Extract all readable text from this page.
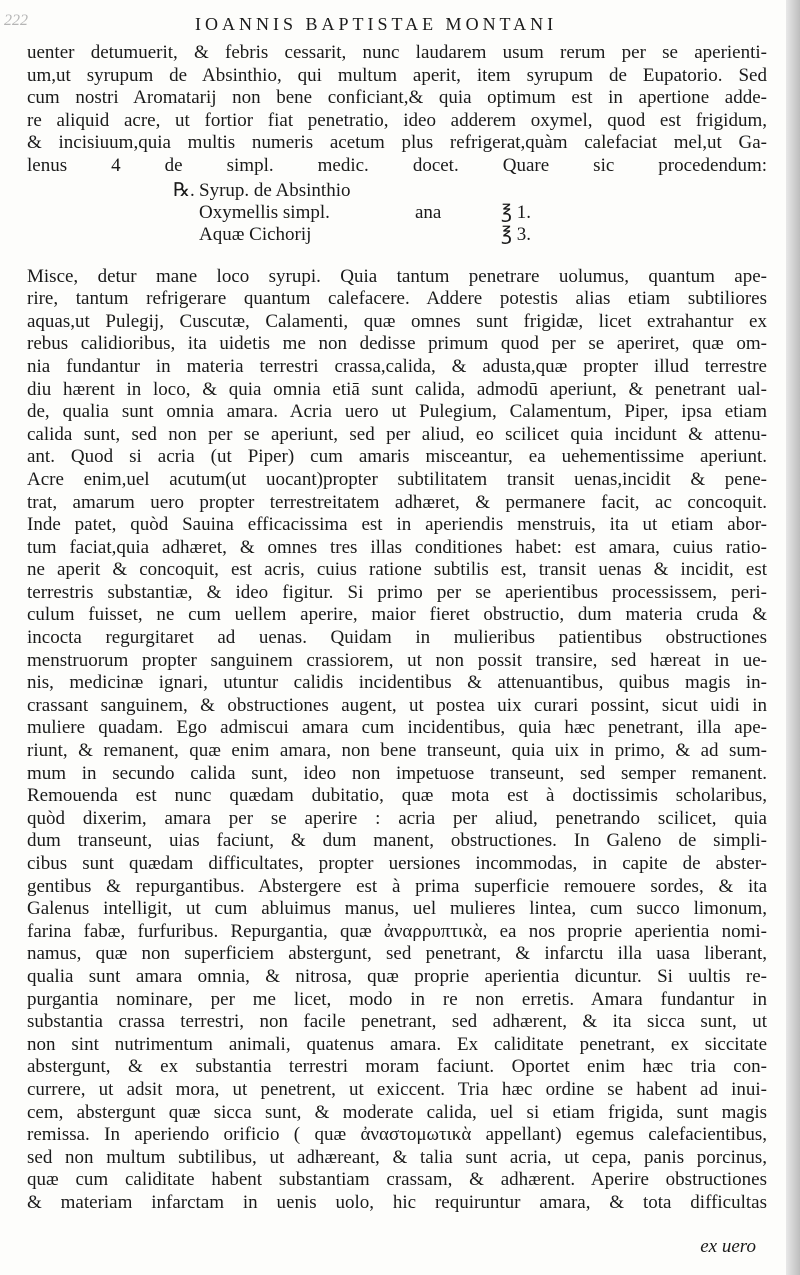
222	IOANNIS BAPTISTAE MONTANI
uenter detumuerit, & febris cessarit, nunc laudarem usum rerum per se aperienti-
um,ut syrupum de Absinthio, qui multum aperit, item syrupum de Eupatorio. Sed
cum nostri Aromatarij non bene conficiant,& quia optimum est in apertione adde-
re aliquid acre, ut fortior fiat penetratio, ideo adderem oxymel, quod est frigidum,
& incisiuum,quia multis numeris acetum plus refrigerat,quàm calefaciat mel,ut Ga-
lenus 4 de simpl. medic. docet. Quare sic procedendum:
℞. Syrup. de Absinthio
Oxymellis simpl.	ana	℥ 1.
Aquæ Cichorij	℥ 3.
Misce, detur mane loco syrupi. Quia tantum penetrare uolumus, quantum ape-
rire, tantum refrigerare quantum calefacere. Addere potestis alias etiam subtiliores
aquas,ut Pulegij, Cuscutæ, Calamenti, quæ omnes sunt frigidæ, licet extrahantur ex
rebus calidioribus, ita uidetis me non dedisse primum quod per se aperiret, quæ om-
nia fundantur in materia terrestri crassa,calida, & adusta,quæ propter illud terrestre
diu hærent in loco, & quia omnia etiā sunt calida, admodū aperiunt, & penetrant ual-
de, qualia sunt omnia amara. Acria uero ut Pulegium, Calamentum, Piper, ipsa etiam
calida sunt, sed non per se aperiunt, sed per aliud, eo scilicet quia incidunt & attenu-
ant. Quod si acria (ut Piper) cum amaris misceantur, ea uehementissime aperiunt.
Acre enim,uel acutum(ut uocant)propter subtilitatem transit uenas,incidit & pene-
trat, amarum uero propter terrestreitatem adhæret, & permanere facit, ac concoquit.
Inde patet, quòd Sauina efficacissima est in aperiendis menstruis, ita ut etiam abor-
tum faciat,quia adhæret, & omnes tres illas conditiones habet: est amara, cuius ratio-
ne aperit & concoquit, est acris, cuius ratione subtilis est, transit uenas & incidit, est
terrestris substantiæ, & ideo figitur. Si primo per se aperientibus processissem, peri-
culum fuisset, ne cum uellem aperire, maior fieret obstructio, dum materia cruda &
incocta regurgitaret ad uenas. Quidam in mulieribus patientibus obstructiones
menstruorum propter sanguinem crassiorem, ut non possit transire, sed hæreat in ue-
nis, medicinæ ignari, utuntur calidis incidentibus & attenuantibus, quibus magis in-
crassant sanguinem, & obstructiones augent, ut postea uix curari possint, sicut uidi in
muliere quadam. Ego admiscui amara cum incidentibus, quia hæc penetrant, illa ape-
riunt, & remanent, quæ enim amara, non bene transeunt, quia uix in primo, & ad sum-
mum in secundo calida sunt, ideo non impetuose transeunt, sed semper remanent.
Remouenda est nunc quædam dubitatio, quæ mota est à doctissimis scholaribus,
quòd dixerim, amara per se aperire : acria per aliud, penetrando scilicet, quia
dum transeunt, uias faciunt, & dum manent, obstructiones. In Galeno de simpli-
cibus sunt quædam difficultates, propter uersiones incommodas, in capite de abster-
gentibus & repurgantibus. Abstergere est à prima superficie remouere sordes, & ita
Galenus intelligit, ut cum abluimus manus, uel mulieres lintea, cum succo limonum,
farina fabæ, furfuribus. Repurgantia, quæ ἀναρρυπτικὰ, ea nos proprie aperientia nomi-
namus, quæ non superficiem abstergunt, sed penetrant, & infarctu illa uasa liberant,
qualia sunt amara omnia, & nitrosa, quæ proprie aperientia dicuntur. Si uultis re-
purgantia nominare, per me licet, modo in re non erretis. Amara fundantur in
substantia crassa terrestri, non facile penetrant, sed adhærent, & ita sicca sunt, ut
non sint nutrimentum animali, quatenus amara. Ex caliditate penetrant, ex siccitate
abstergunt, & ex substantia terrestri moram faciunt. Oportet enim hæc tria con-
currere, ut adsit mora, ut penetrent, ut exiccent. Tria hæc ordine se habent ad inui-
cem, abstergunt quæ sicca sunt, & moderate calida, uel si etiam frigida, sunt magis
remissa. In aperiendo orificio ( quæ ἀναστομωτικὰ appellant) egemus calefacientibus,
sed non multum subtilibus, ut adhæreant, & talia sunt acria, ut cepa, panis porcinus,
quæ cum caliditate habent substantiam crassam, & adhærent. Aperire obstructiones
& materiam infarctam in uenis uolo, hic requiruntur amara, & tota difficultas
ex uero
